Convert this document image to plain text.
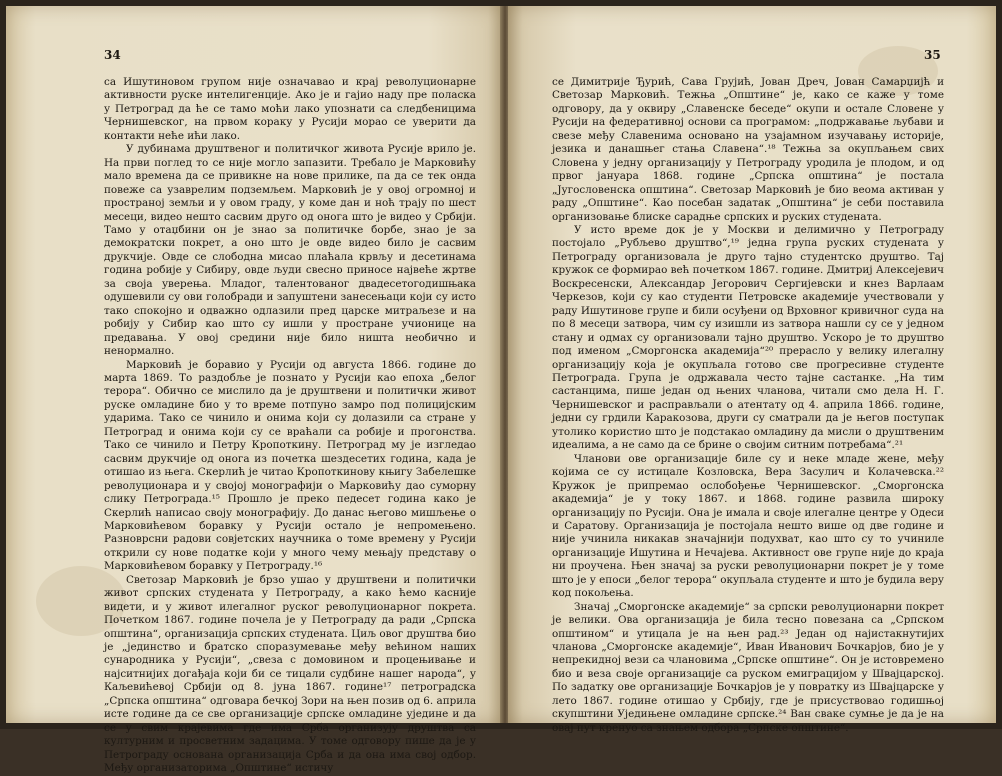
34

са Ишутиновом групом није означавао и крај револуционарне активности руске интелигенције. Ако је и гајио наду пре поласка у Петроград да ће се тамо моћи лако упознати са следбеницима Чернишевског, на првом кораку у Русији морао се уверити да контакти неће ићи лако.

У дубинама друштвеног и политичког живота Русије врило је. На први поглед то се није могло запазити. Требало је Марковићу мало времена да се привикне на нове прилике, па да се тек онда повеже са узаврелим подземљем. Марковић је у овој огромној и пространој земљи и у овом граду, у коме дан и ноћ трају по шест месеци, видео нешто сасвим друго од онога што је видео у Србији. Тамо у отаџбини он је знао за политичке борбе, знао је за демократски покрет, а оно што је овде видео било је сасвим друкчије. Овде се слободна мисао плаћала крвљу и десетинама година робије у Сибиру, овде људи свесно приносе највеће жртве за своја уверења. Младог, талентованог двадесетогодишњака одушевили су ови голобради и запуштени занесењаци који су исто тако спокојно и одважно одлазили пред царске митраљезе и на робију у Сибир као што су ишли у простране учионице на предавања. У овој средини није било ништа необично и ненормално.

Марковић је боравио у Русији од августа 1866. године до марта 1869. То раздобље је познато у Русији као епоха „белог терора“. Обично се мислило да је друштвени и политички живот руске омладине био у то време потпуно замро под полицијским ударима. Тако се чинило и онима који су долазили са стране у Петроград и онима који су се враћали са робије и прогонства. Тако се чинило и Петру Кропоткину. Петроград му је изгледао сасвим друкчије од онога из почетка шездесетих година, када је отишао из њега. Скерлић је читао Кропоткинову књигу Забелешке револуционара и у својој монографији о Марковићу дао суморну слику Петрограда.¹⁵ Прошло је преко педесет година како је Скерлић написао своју монографију. До данас његово мишљење о Марковићевом боравку у Русији остало је непромењено. Разноврсни радови совјетских научника о томе времену у Русији открили су нове податке који у много чему мењају представу о Марковићевом боравку у Петрограду.¹⁶

Светозар Марковић је брзо ушао у друштвени и политички живот српских студената у Петрограду, а како ћемо касније видети, и у живот илегалног руског револуционарног покрета. Почетком 1867. године почела је у Петрограду да ради „Српска општина“, организација српских студената. Циљ овог друштва био је „јединство и братско споразумевање међу већином наших сународника у Русији“, „свеза с домовином и процењивање и најситнијих догађаја који би се тицали судбине нашег народа“, у Каљевићевој Србији од 8. јуна 1867. године¹⁷ петроградска „Српска општина“ одговара бечкој Зори на њен позив од 6. априла исте године да се све организације српске омладине уједине и да се у свим крајевима где има Срба организују друштва са културним и просветним задацима. У томе одговору пише да је у Петрограду основана организација Срба и да она има свој одбор. Међу организаторима „Општине“ истичу

35

се Димитрије Ђурић, Сава Грујић, Јован Дреч, Јован Самарџијћ и Светозар Марковић. Тежња „Општине“ је, како се каже у томе одговору, да у оквиру „Славенске беседе“ окупи и остале Словене у Русији на федеративној основи са програмом: „подржавање љубави и свезе међу Славенима основано на узајамном изучавању историје, језика и данашњег стања Славена“.¹⁸ Тежња за окупљањем свих Словена у једну организацију у Петрограду уродила је плодом, и од првог јануара 1868. године „Српска општина“ је постала „Југословенска општина“. Светозар Марковић је био веома активан у раду „Општине“. Као посебан задатак „Општина“ је себи поставила организовање блиске сарадње српских и руских студената.

У исто време док је у Москви и делимично у Петрограду постојало „Рубљево друштво“,¹⁹ једна група руских студената у Петрограду организовала је друго тајно студентско друштво. Тај кружок се формирао већ почетком 1867. године. Дмитриј Алексејевич Воскресенски, Александар Јегорович Сергијевски и кнез Варлаам Черкезов, који су као студенти Петровске академије учествовали у раду Ишутинове групе и били осуђени од Врховног кривичног суда на по 8 месеци затвора, чим су изишли из затвора нашли су се у једном стану и одмах су организовали тајно друштво. Ускоро је то друштво под именом „Сморгонска академија“²⁰ прерасло у велику илегалну организацију која је окупљала готово све прогресивне студенте Петрограда. Група је одржавала често тајне састанке. „На тим састанцима, пише један од њених чланова, читали смо дела Н. Г. Чернишевског и расправљали о атентату од 4. априла 1866. године, једни су грдили Каракозова, други су сматрали да је његов поступак утолико користио што је подстакао омладину да мисли о друштвеним идеалима, а не само да се брине о својим ситним потребама“.²¹

Чланови ове организације биле су и неке младе жене, међу којима се су истицале Козловска, Вера Засулич и Колачевска.²² Кружок је припремао ослобођење Чернишевског. „Сморгонска академија“ је у току 1867. и 1868. године развила широку организацију по Русији. Она је имала и своје илегалне центре у Одеси и Саратову. Организација је постојала нешто више од две године и није учинила никакав значајнији подухват, као што су то учиниле организације Ишутина и Нечајева. Активност ове групе није до краја ни проучена. Њен значај за руски револуционарни покрет је у томе што је у епоси „белог терора“ окупљала студенте и што је будила веру код покољења.

Значај „Сморгонске академије“ за српски револуционарни покрет је велики. Ова организација је била тесно повезана са „Српском општином“ и утицала је на њен рад.²³ Један од најистакнутијих чланова „Сморгонске академије“, Иван Иванович Бочкарјов, био је у непрекидној вези са члановима „Српске општине“. Он је истовремено био и веза своје организације са руском емиграцијом у Швајцарској. По задатку ове организације Бочкарјов је у повратку из Швајцарске у лето 1867. године отишао у Србију, где је присуствовао годишњој скупштини Уједињене омладине српске.²⁴ Ван сваке сумње је да је на овај пут кренуо са знањем одбора „Српске општине“.
